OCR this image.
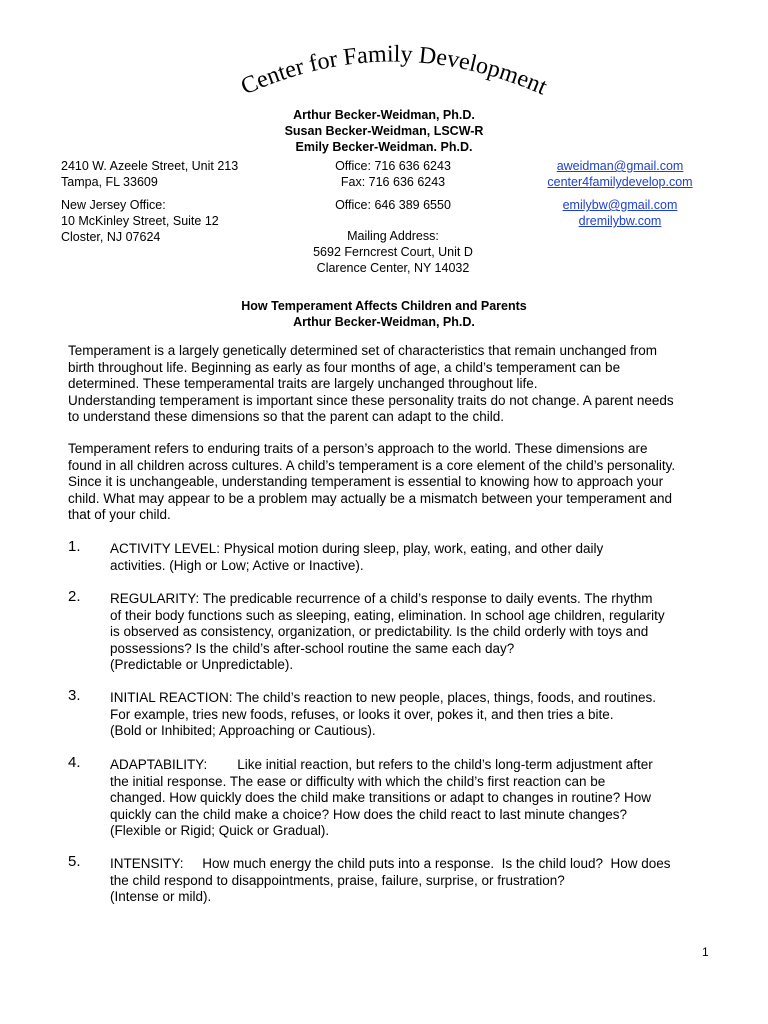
Center for Family Development
Arthur Becker-Weidman, Ph.D.
Susan Becker-Weidman, LSCW-R
Emily Becker-Weidman. Ph.D.
2410 W. Azeele Street, Unit 213
Tampa, FL 33609
Office: 716 636 6243
Fax: 716 636 6243
aweidman@gmail.com
center4familydevelop.com
New Jersey Office:
10 McKinley Street, Suite 12
Closter, NJ 07624
Office: 646 389 6550	emilybw@gmail.com
dremilybw.com
Mailing Address:
5692 Ferncrest Court, Unit D
Clarence Center, NY 14032
How Temperament Affects Children and Parents
Arthur Becker-Weidman, Ph.D.
Temperament is a largely genetically determined set of characteristics that remain unchanged from
birth throughout life. Beginning as early as four months of age, a child’s temperament can be
determined. These temperamental traits are largely unchanged throughout life.
Understanding temperament is important since these personality traits do not change. A parent needs
to understand these dimensions so that the parent can adapt to the child.
Temperament refers to enduring traits of a person’s approach to the world. These dimensions are
found in all children across cultures. A child’s temperament is a core element of the child’s personality.
Since it is unchangeable, understanding temperament is essential to knowing how to approach your
child. What may appear to be a problem may actually be a mismatch between your temperament and
that of your child.
1. ACTIVITY LEVEL: Physical motion during sleep, play, work, eating, and other daily
activities. (High or Low; Active or Inactive).
2. REGULARITY: The predicable recurrence of a child’s response to daily events. The rhythm
of their body functions such as sleeping, eating, elimination. In school age children, regularity
is observed as consistency, organization, or predictability. Is the child orderly with toys and
possessions? Is the child’s after-school routine the same each day?
(Predictable or Unpredictable).
3. INITIAL REACTION: The child’s reaction to new people, places, things, foods, and routines.
For example, tries new foods, refuses, or looks it over, pokes it, and then tries a bite.
(Bold or Inhibited; Approaching or Cautious).
4. ADAPTABILITY:        Like initial reaction, but refers to the child’s long-term adjustment after
the initial response. The ease or difficulty with which the child’s first reaction can be
changed. How quickly does the child make transitions or adapt to changes in routine? How
quickly can the child make a choice? How does the child react to last minute changes?
(Flexible or Rigid; Quick or Gradual).
5. INTENSITY:     How much energy the child puts into a response.  Is the child loud?  How does
the child respond to disappointments, praise, failure, surprise, or frustration?
(Intense or mild).
1
